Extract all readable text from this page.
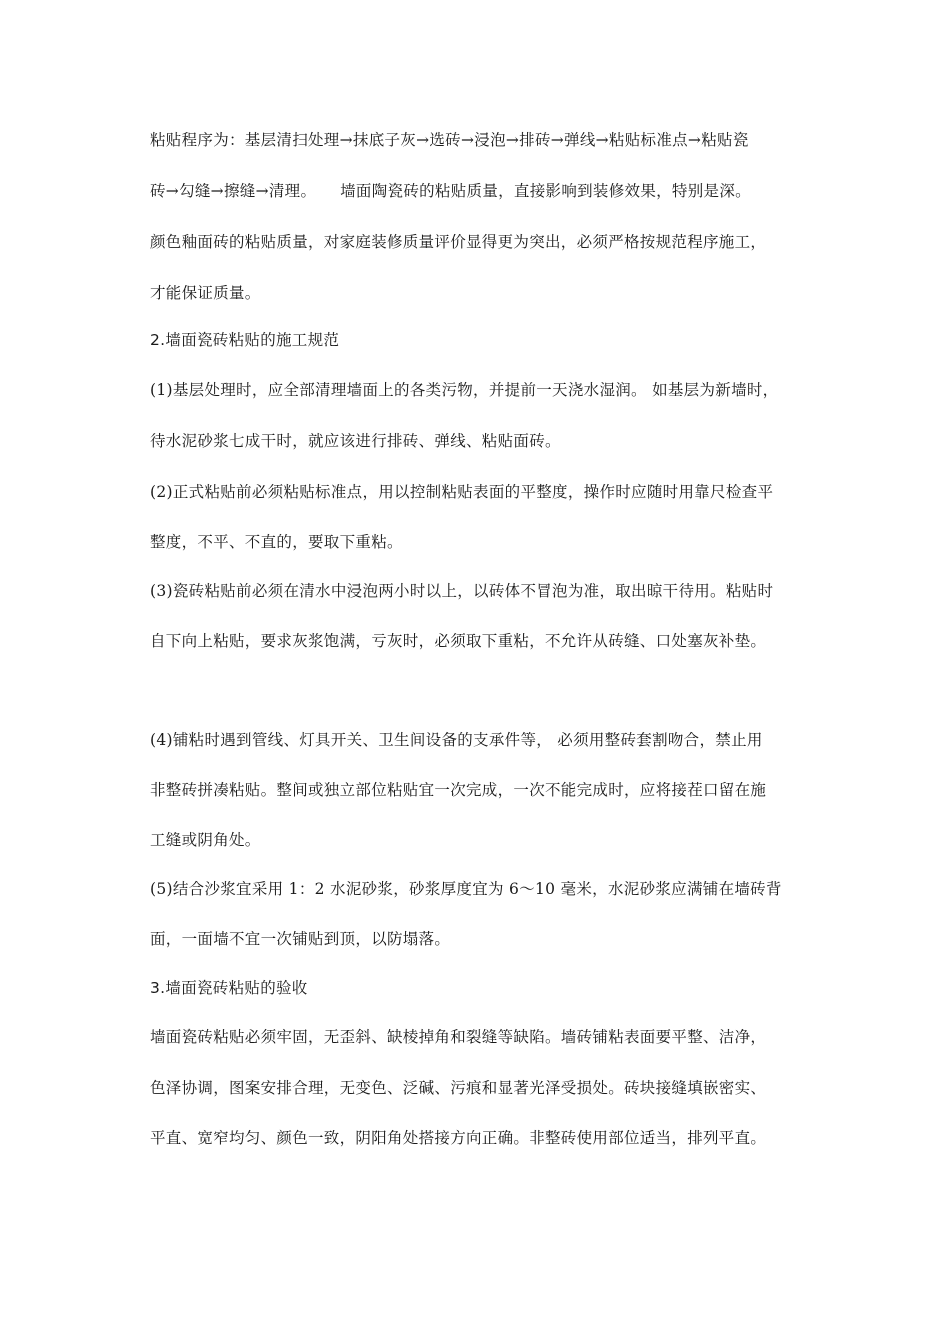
粘贴程序为：基层清扫处理→抹底子灰→选砖→浸泡→排砖→弹线→粘贴标准点→粘贴瓷
砖→勾缝→擦缝→清理。　　墙面陶瓷砖的粘贴质量，直接影响到装修效果，特别是深。
颜色釉面砖的粘贴质量，对家庭装修质量评价显得更为突出，必须严格按规范程序施工，
才能保证质量。
2.墙面瓷砖粘贴的施工规范
(1)基层处理时，应全部清理墙面上的各类污物，并提前一天浇水湿润。 如基层为新墙时，
待水泥砂浆七成干时，就应该进行排砖、弹线、粘贴面砖。
(2)正式粘贴前必须粘贴标准点，用以控制粘贴表面的平整度，操作时应随时用靠尺检查平
整度，不平、不直的，要取下重粘。
(3)瓷砖粘贴前必须在清水中浸泡两小时以上，以砖体不冒泡为准，取出晾干待用。粘贴时
自下向上粘贴，要求灰浆饱满，亏灰时，必须取下重粘，不允许从砖缝、口处塞灰补垫。
(4)铺粘时遇到管线、灯具开关、卫生间设备的支承件等， 必须用整砖套割吻合，禁止用
非整砖拼凑粘贴。整间或独立部位粘贴宜一次完成，一次不能完成时，应将接茬口留在施
工缝或阴角处。
(5)结合沙浆宜采用 1：2 水泥砂浆，砂浆厚度宜为 6～10 毫米，水泥砂浆应满铺在墙砖背
面，一面墙不宜一次铺贴到顶，以防塌落。
3.墙面瓷砖粘贴的验收
墙面瓷砖粘贴必须牢固，无歪斜、缺棱掉角和裂缝等缺陷。墙砖铺粘表面要平整、洁净，
色泽协调，图案安排合理，无变色、泛碱、污痕和显著光泽受损处。砖块接缝填嵌密实、
平直、宽窄均匀、颜色一致，阴阳角处搭接方向正确。非整砖使用部位适当，排列平直。
